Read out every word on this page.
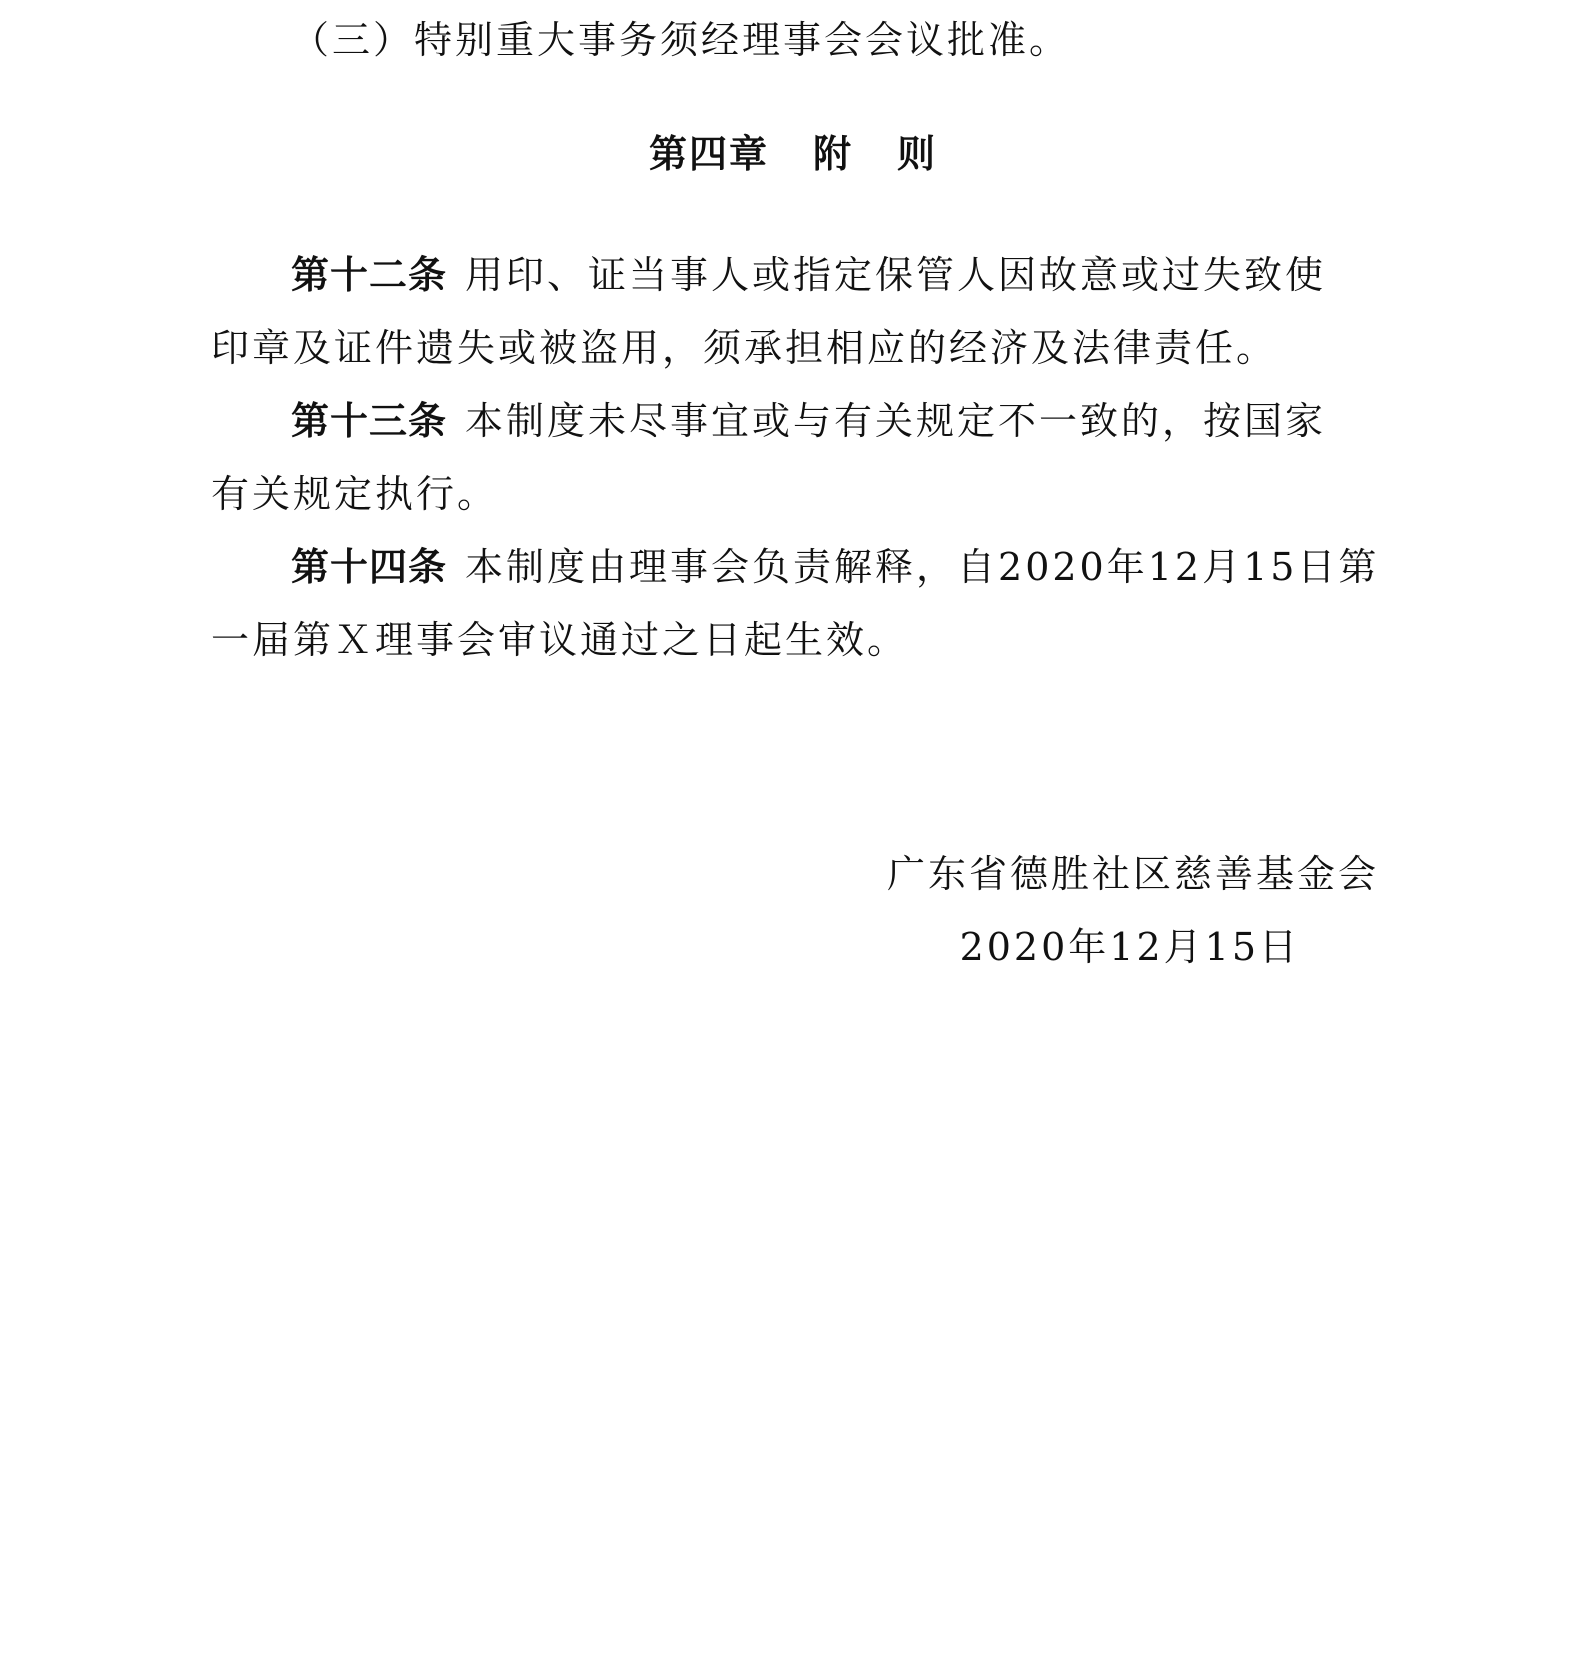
（三）特别重大事务须经理事会会议批准。
第四章 附 则
第十二条 用印、证当事人或指定保管人因故意或过失致使
印章及证件遗失或被盗用，须承担相应的经济及法律责任。
第十三条 本制度未尽事宜或与有关规定不一致的，按国家
有关规定执行。
第十四条 本制度由理事会负责解释，自2020年12月15日第
一届第Ｘ理事会审议通过之日起生效。
广东省德胜社区慈善基金会
2020年12月15日
